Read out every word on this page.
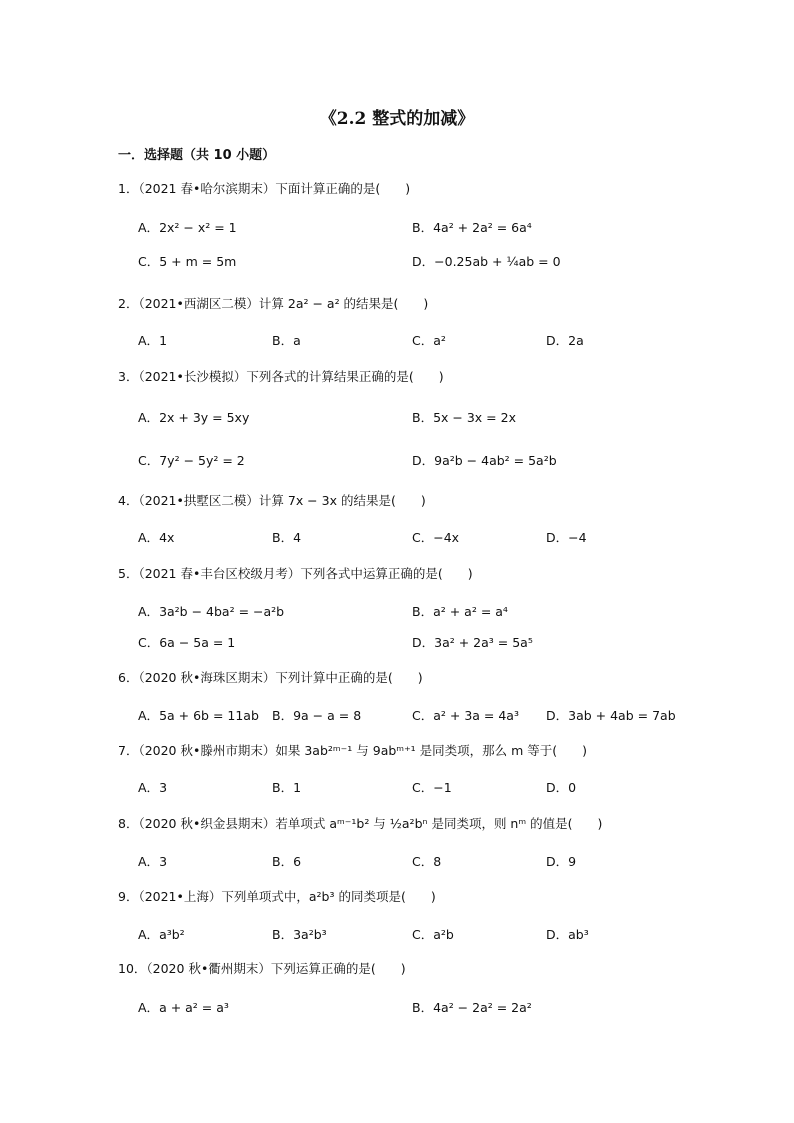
《2.2 整式的加减》
一．选择题（共 10 小题）
1．（2021 春•哈尔滨期末）下面计算正确的是(　　)
A．2x² − x² = 1	B．4a² + 2a² = 6a⁴
C．5 + m = 5m	D．−0.25ab + ¼ab = 0
2．（2021•西湖区二模）计算 2a² − a² 的结果是(　　)
A．1	B．a	C．a²	D．2a
3．（2021•长沙模拟）下列各式的计算结果正确的是(　　)
A．2x + 3y = 5xy	B．5x − 3x = 2x
C．7y² − 5y² = 2	D．9a²b − 4ab² = 5a²b
4．（2021•拱墅区二模）计算 7x − 3x 的结果是(　　)
A．4x	B．4	C．−4x	D．−4
5．（2021 春•丰台区校级月考）下列各式中运算正确的是(　　)
A．3a²b − 4ba² = −a²b	B．a² + a² = a⁴
C．6a − 5a = 1	D．3a² + 2a³ = 5a⁵
6．（2020 秋•海珠区期末）下列计算中正确的是(　　)
A．5a + 6b = 11ab B．9a − a = 8	C．a² + 3a = 4a³ D．3ab + 4ab = 7ab
7．（2020 秋•滕州市期末）如果 3ab²ᵐ⁻¹ 与 9abᵐ⁺¹ 是同类项，那么 m 等于(　　)
A．3	B．1	C．−1	D．0
8．（2020 秋•织金县期末）若单项式 aᵐ⁻¹b² 与 ½a²bⁿ 是同类项，则 nᵐ 的值是(　　)
A．3	B．6	C．8	D．9
9．（2021•上海）下列单项式中，a²b³ 的同类项是(　　)
A．a³b²	B．3a²b³	C．a²b	D．ab³
10．（2020 秋•衢州期末）下列运算正确的是(　　)
A．a + a² = a³	B．4a² − 2a² = 2a²
